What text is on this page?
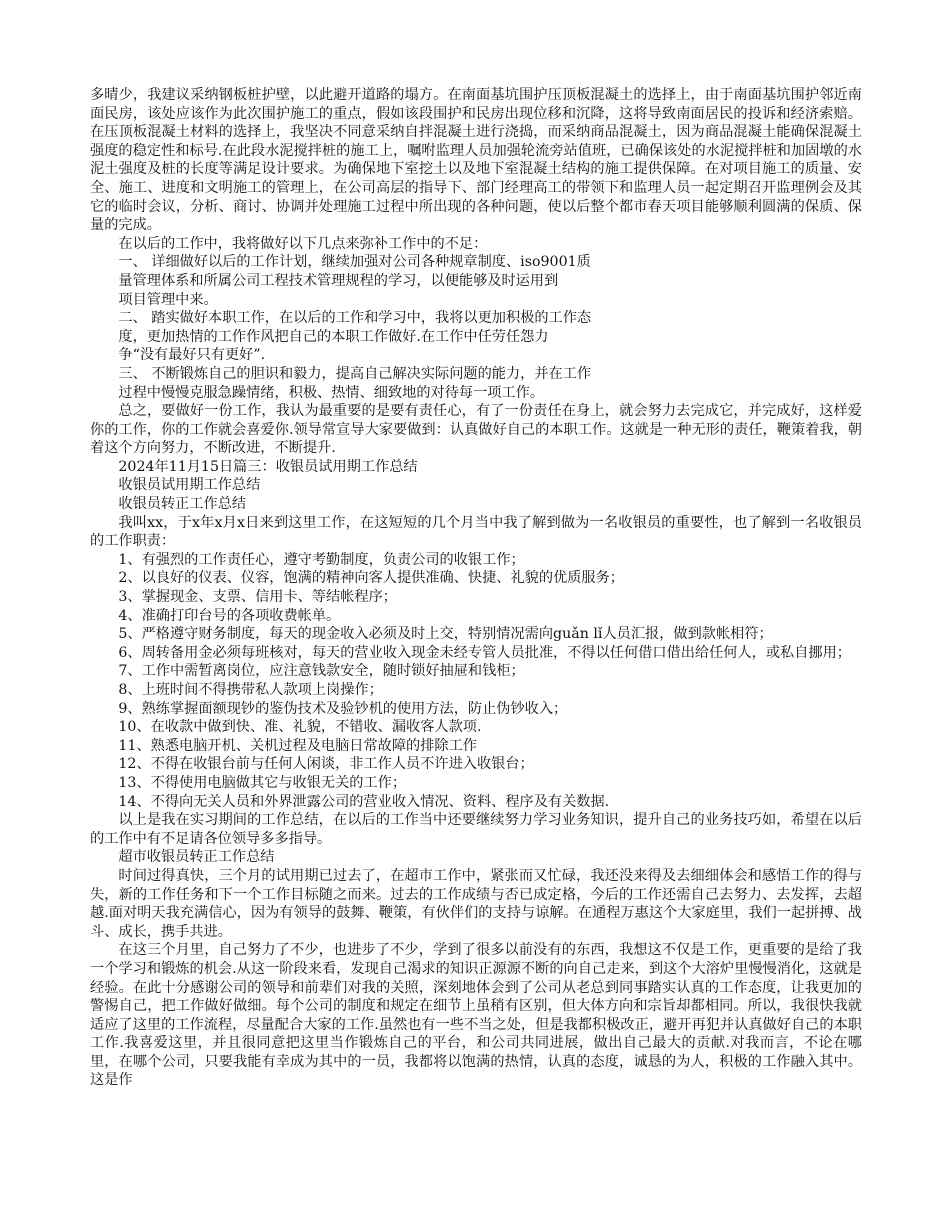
多晴少，我建议采纳钢板桩护壁，以此避开道路的塌方。在南面基坑围护压顶板混凝土的选择上，由于南面基坑围护邻近南面民房，该处应该作为此次围护施工的重点，假如该段围护和民房出现位移和沉降，这将导致南面居民的投诉和经济索赔。在压顶板混凝土材料的选择上，我坚决不同意采纳自拌混凝土进行浇捣，而采纳商品混凝土，因为商品混凝土能确保混凝土强度的稳定性和标号.在此段水泥搅拌桩的施工上，嘱咐监理人员加强轮流旁站值班，已确保该处的水泥搅拌桩和加固墩的水泥土强度及桩的长度等满足设计要求。为确保地下室挖土以及地下室混凝土结构的施工提供保障。在对项目施工的质量、安全、施工、进度和文明施工的管理上，在公司高层的指导下、部门经理高工的带领下和监理人员一起定期召开监理例会及其它的临时会议，分析、商讨、协调并处理施工过程中所出现的各种问题，使以后整个都市春天项目能够顺利圆满的保质、保量的完成。

在以后的工作中，我将做好以下几点来弥补工作中的不足：

一、 详细做好以后的工作计划，继续加强对公司各种规章制度、iso9001质

量管理体系和所属公司工程技术管理规程的学习，以便能够及时运用到

项目管理中来。

二、 踏实做好本职工作，在以后的工作和学习中，我将以更加积极的工作态

度，更加热情的工作作风把自己的本职工作做好.在工作中任劳任怨力

争“没有最好只有更好”.

三、 不断锻炼自己的胆识和毅力，提高自己解决实际问题的能力，并在工作

过程中慢慢克服急躁情绪，积极、热情、细致地的对待每一项工作。

总之，要做好一份工作，我认为最重要的是要有责任心，有了一份责任在身上，就会努力去完成它，并完成好，这样爱你的工作，你的工作就会喜爱你.领导常宣导大家要做到：认真做好自己的本职工作。这就是一种无形的责任，鞭策着我，朝着这个方向努力，不断改进，不断提升.

2024年11月15日篇三：收银员试用期工作总结

收银员试用期工作总结

收银员转正工作总结

我叫xx，于x年x月x日来到这里工作，在这短短的几个月当中我了解到做为一名收银员的重要性，也了解到一名收银员的工作职责：

1、有强烈的工作责任心，遵守考勤制度，负责公司的收银工作；

2、以良好的仪表、仪容，饱满的精神向客人提供准确、快捷、礼貌的优质服务；

3、掌握现金、支票、信用卡、等结帐程序；

4、准确打印台号的各项收费帐单。

5、严格遵守财务制度，每天的现金收入必须及时上交，特别情况需向guǎn lǐ人员汇报，做到款帐相符；

6、周转备用金必须每班核对，每天的营业收入现金未经专管人员批准，不得以任何借口借出给任何人，或私自挪用；

7、工作中需暂离岗位，应注意钱款安全，随时锁好抽屉和钱柜；

8、上班时间不得携带私人款项上岗操作；

9、熟练掌握面额现钞的鉴伪技术及验钞机的使用方法，防止伪钞收入；

10、在收款中做到快、准、礼貌，不错收、漏收客人款项.

11、熟悉电脑开机、关机过程及电脑日常故障的排除工作

12、不得在收银台前与任何人闲谈，非工作人员不许进入收银台；

13、不得使用电脑做其它与收银无关的工作；

14、不得向无关人员和外界泄露公司的营业收入情况、资料、程序及有关数据.

以上是我在实习期间的工作总结，在以后的工作当中还要继续努力学习业务知识，提升自己的业务技巧如，希望在以后的工作中有不足请各位领导多多指导。

超市收银员转正工作总结

时间过得真快，三个月的试用期已过去了，在超市工作中，紧张而又忙碌，我还没来得及去细细体会和感悟工作的得与失，新的工作任务和下一个工作目标随之而来。过去的工作成绩与否已成定格，今后的工作还需自己去努力、去发挥，去超越.面对明天我充满信心，因为有领导的鼓舞、鞭策，有伙伴们的支持与谅解。在通程万惠这个大家庭里，我们一起拼搏、战斗、成长，携手共进。

在这三个月里，自己努力了不少，也进步了不少，学到了很多以前没有的东西，我想这不仅是工作，更重要的是给了我一个学习和锻炼的机会.从这一阶段来看，发现自己渴求的知识正源源不断的向自己走来，到这个大溶炉里慢慢消化，这就是经验。在此十分感谢公司的领导和前辈们对我的关照，深刻地体会到了公司从老总到同事踏实认真的工作态度，让我更加的警惕自己，把工作做好做细。每个公司的制度和规定在细节上虽稍有区别，但大体方向和宗旨却都相同。所以，我很快我就适应了这里的工作流程，尽量配合大家的工作.虽然也有一些不当之处，但是我都积极改正，避开再犯并认真做好自己的本职工作.我喜爱这里，并且很同意把这里当作锻炼自己的平台，和公司共同进展，做出自己最大的贡献.对我而言，不论在哪里，在哪个公司，只要我能有幸成为其中的一员，我都将以饱满的热情，认真的态度，诚恳的为人，积极的工作融入其中。这是作
